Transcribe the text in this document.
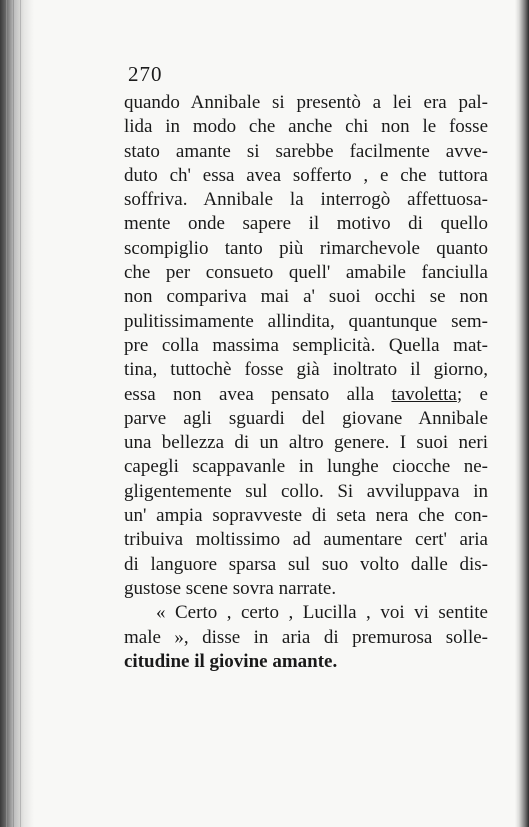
270
quando Annibale si presentò a lei era pal-
lida in modo che anche chi non le fosse
stato amante si sarebbe facilmente avve-
duto ch' essa avea sofferto , e che tuttora
soffriva. Annibale la interrogò affettuosa-
mente onde sapere il motivo di quello
scompiglio tanto più rimarchevole quanto
che per consueto quell' amabile fanciulla
non compariva mai a' suoi occhi se non
pulitissimamente allindita, quantunque sem-
pre colla massima semplicità. Quella mat-
tina, tuttochè fosse già inoltrato il giorno,
essa non avea pensato alla tavoletta; e
parve agli sguardi del giovane Annibale
una bellezza di un altro genere. I suoi neri
capegli scappavanle in lunghe ciocche ne-
gligentemente sul collo. Si avviluppava in
un' ampia sopravveste di seta nera che con-
tribuiva moltissimo ad aumentare cert' aria
di languore sparsa sul suo volto dalle dis-
gustose scene sovra narrate.
« Certo , certo , Lucilla , voi vi sentite
male », disse in aria di premurosa solle-
citudine il giovine amante.
